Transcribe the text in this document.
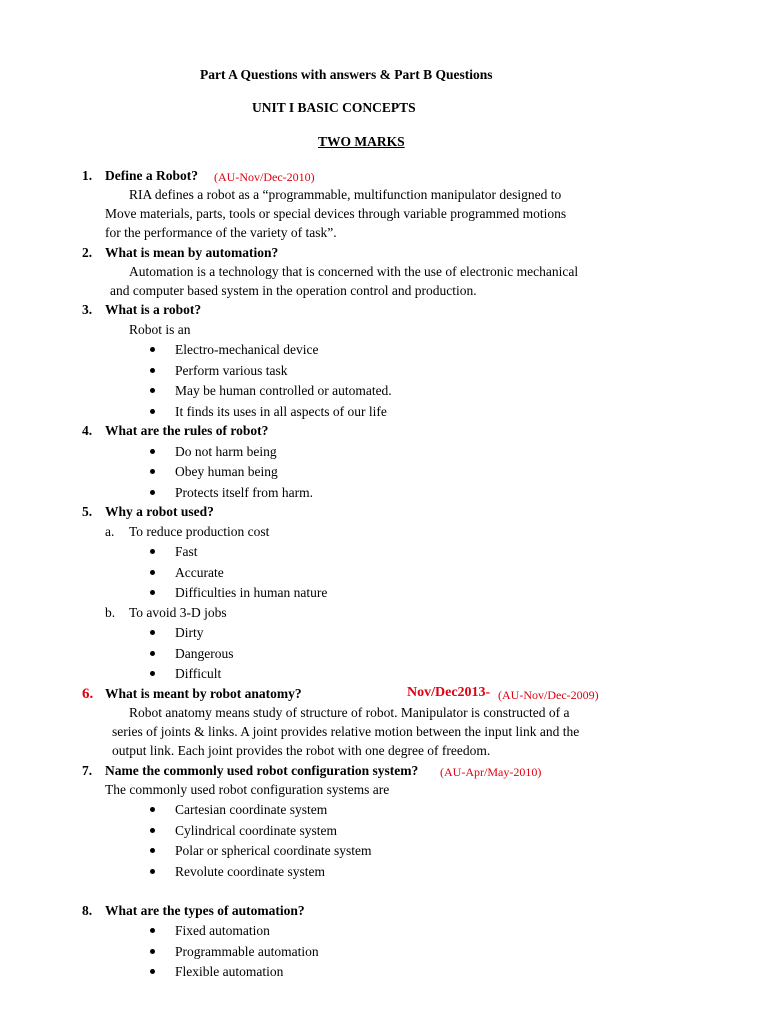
Part A Questions with answers & Part B Questions
UNIT I BASIC CONCEPTS
TWO MARKS
1. Define a Robot? (AU-Nov/Dec-2010)
RIA defines a robot as a “programmable, multifunction manipulator designed to
Move materials, parts, tools or special devices through variable programmed motions
for the performance of the variety of task”.
2. What is mean by automation?
Automation is a technology that is concerned with the use of electronic mechanical
and computer based system in the operation control and production.
3. What is a robot?
Robot is an
Electro-mechanical device
Perform various task
May be human controlled or automated.
It finds its uses in all aspects of our life
4. What are the rules of robot?
Do not harm being
Obey human being
Protects itself from harm.
5. Why a robot used?
a. To reduce production cost
Fast
Accurate
Difficulties in human nature
b. To avoid 3-D jobs
Dirty
Dangerous
Difficult
6. What is meant by robot anatomy?	Nov/Dec2013- (AU-Nov/Dec-2009)
Robot anatomy means study of structure of robot. Manipulator is constructed of a
series of joints & links. A joint provides relative motion between the input link and the
output link. Each joint provides the robot with one degree of freedom.
7. Name the commonly used robot configuration system? (AU-Apr/May-2010)
The commonly used robot configuration systems are
Cartesian coordinate system
Cylindrical coordinate system
Polar or spherical coordinate system
Revolute coordinate system
8. What are the types of automation?
Fixed automation
Programmable automation
Flexible automation
